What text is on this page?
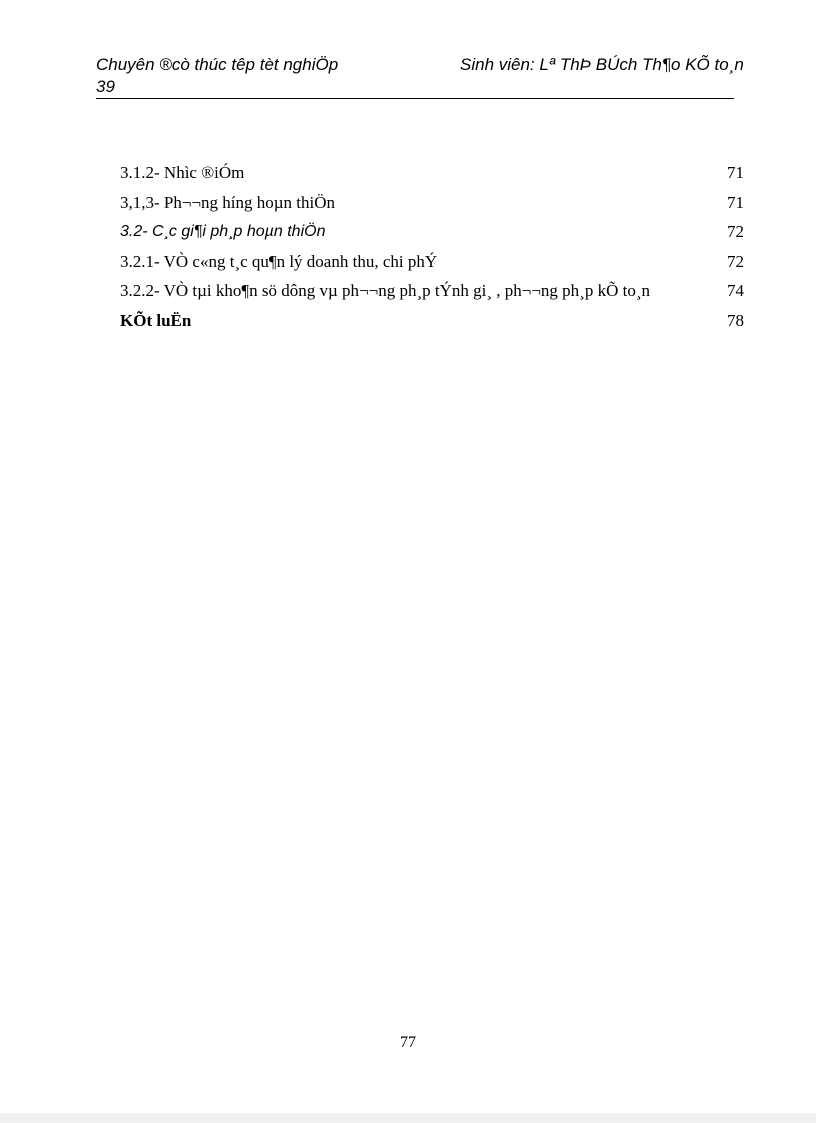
Chuyên ®cò thúc têp tèt nghiÖp	Sinh viên: Lª ThÞ BÚch Th¶o KÕ to¸n
39
3.1.2- Nhìc ®iÓm	71
3,1,3- Ph¬¬ng híng hoµn thiÖn	71
3.2- C¸c gi¶i ph¸p hoµn thiÖn	72
3.2.1- VÒ c«ng t¸c qu¶n lý doanh thu, chi phÝ	72
3.2.2- VÒ tµi kho¶n sö dông vµ ph¬¬ng ph¸p tÝnh gi¸ , ph¬¬ng ph¸p kÕ to¸n	74
KÕt luËn	78
77
